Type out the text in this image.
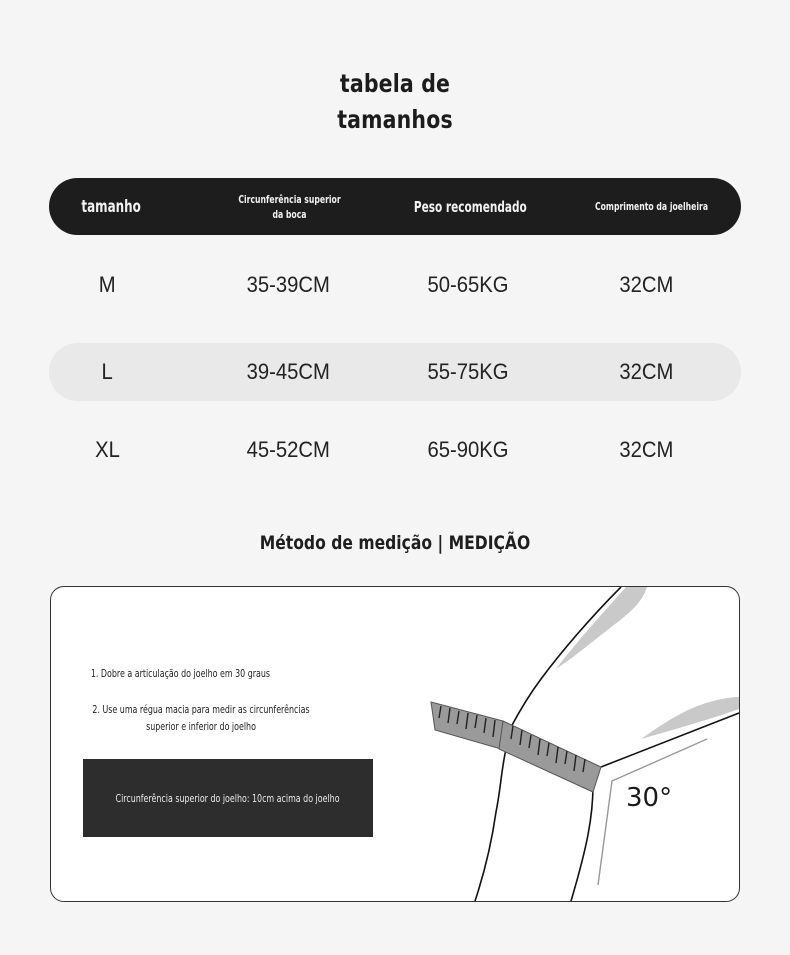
tabela de
tamanhos
tamanho	Circunferência superior da boca	Peso recomendado	Comprimento da joelheira
M	35-39CM	50-65KG	32CM
L	39-45CM	55-75KG	32CM
XL	45-52CM	65-90KG	32CM
Método de medição | MEDIÇÃO
1. Dobre a articulação do joelho em 30 graus
2. Use uma régua macia para medir as circunferências superior e inferior do joelho
Circunferência superior do joelho: 10cm acima do joelho	30°
